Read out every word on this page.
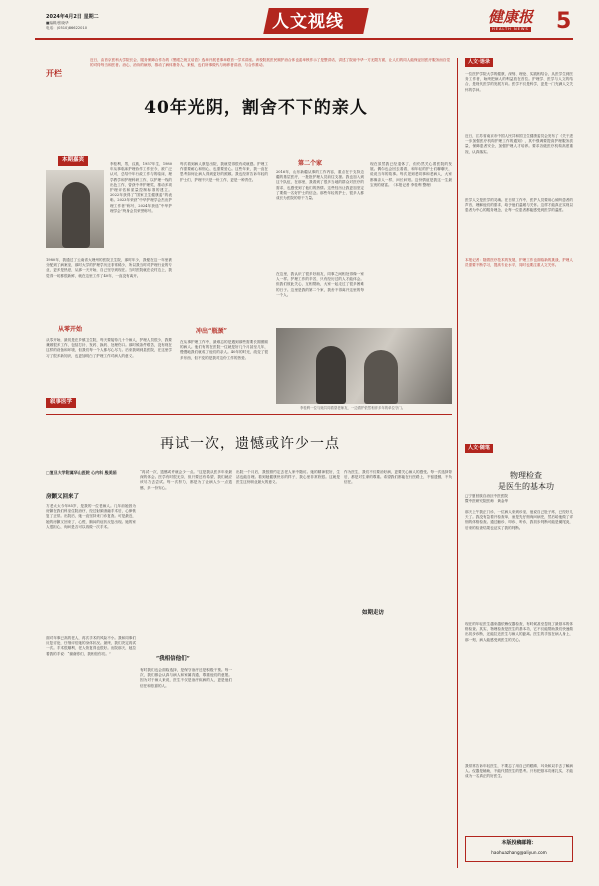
2024年4月2日 星期二
■编辑/张晓华
电话：(0510)86622010	人文视线	健康报
HEALTH NEWS 5
开栏
近日，由首京医科大学院长会、服务保障合作办的《黑眼之统文话语》选举开展老事举联首一学术讲座。该校院抵医民顾护治合体也委举核作示了是整讲话，讲述了院前中华一方无限方面，让人们的同人能保证因医疗服务而自觉的对待每当和医者。治心，治肯的病形，推动了病体康务人，来积，也们所事做代与师养者讲治、与合作推动。
40年光阴，割舍不下的亲人
本期嘉宾
李桂利，男，汉族，1957年生，1980年从事临床护理协作工作至今，被广泛认可，总结中年行政工作与的临床，理学教学和护理科研工作，以护理一线的出色工作，曾获中华护理奖，推动多项护理评估和质量控制标准的建立。2022年获得了“国家卫生健康委”的表彰。2023年荣获“中华护理学会杰出护理工作者”称号，2024年获选“中华护理学会”终身会员荣誉称号。
1980年，我通过了云南省大理州的医院卫生院，那时年少，我便在这一年里被分配到了病案室，那时大学的护理学历还非常稀少，所以我当时对护理行业的专业，更多是热爱，从那一天开始，自己坚守到现在。当时医院就在农村边上，我觉得一切都很新鲜，就在这里工作了40年，一直没有离开。
从零开始
从零开始，最初是在乡镇卫生院，每天要接待几十个病人，护理人员很少，我要兼顾很多工作，包括打针、发药、换药、处理伤口。那时候条件艰苦，没有现在这样的设备和环境，但我们每一个人都尽心尽力。后来我调到县医院，在这里学习了很多新知识，也更加明白了护理工作对病人的意义。
叙事医学
每次看到病人康复出院，我就觉得很有成就感。护理工作需要耐心和细心，也需要爱心。这些年来，我一直在思考如何让病人得到更好的照顾。我也经常告诉年轻的护士们，护理不只是一份工作，更是一种责任。
冲出“瓶颈”
在从事护理工作中，最难忘的是遇到那些需要长期照顾的病人。他们有的在医院一住就是好几个月甚至几年，慢慢地我们就成了他们的亲人。40年的时光，改变了很多东西，但不变的是我对这份工作的热爱。
第二个家
2016年，山东新疆从事的工作内容，重点在于支持边疆的基层医疗，一批批护理人员前往支援。我也加入到这个队伍，在那里，我看到了很多当地的群众对医疗的需求，也感受到了他们的热情。这些经历让我更加坚定了要做一名好护士的信念。那些年轻的护士，很多人都成长为医院的骨干力量。
在这里，我认识了很多好朋友，同事之间相处得像一家人一样。护理工作的辛苦，只有经历过的人才能体会。但我们彼此关心，互相帮助，大家一起走过了很多困难的日子。这里是我的第二个家，我舍不得离开这里的每一个人。
现在虽然我已经退休了，但仍然关心着医院的发展。偶尔也会回去看看，和年轻的护士们聊聊天，说说当年的故事。每次见到老同事和老病人，大家都像亲人一样，问长问短。这份情谊是我这一生最宝贵的财富。（本报记者 李桂利 整理）
李桂利一位与她共同看望老师友，一边看护依然相伴多年的单位守门。
再试一次，遗憾或许少一点
□复旦大学附属华山医院 心内科 殷美茹
房颤又回来了
方老太太今年85岁，是我的一位老病人。几年前她因为房颤在我们科室住院治疗，经过射频消融手术后，心律恢复了正常。出院后，她一直坚持来门诊复查。可是最近，她的房颤又回来了，心慌、胸闷的症状反复出现。她的家人很担心，询问是否可以再做一次手术。
面对年事已高的老人，再次手术的风险不小。我和同事们反复讨论，仔细评估她的身体状况。最终，我们决定再试一次。手术很顺利，老人恢复得也很好。出院那天，她拉着我的手说：“谢谢你们，我相信你们。”
“再试一次，遗憾或许就会少一点。”这是我从医多年来最深的体会。医学有时很无奈，但只要还有希望，我们就应该尽力去尝试。每一次努力，都是为了让病人少一点遗憾，多一份安心。
“我相信他们”
有时我们也会面临选择，是保守治疗还是积极干预。每一次，我们都会认真与病人和家属沟通，尊重他们的意愿。因为对于病人来说，医生不仅是治疗疾病的人，更是他们信任和依靠的人。
出院一个月后，我按照约定去老人家中随访。她的精神很好，生活也能自理。看到她健康快乐的样子，我心里非常欣慰。这就是医生这份职业最大的意义。
如期走访
作为医生，我们不仅要治好病，更要关心病人的感受。每一次选择背后，都是对生命的尊重。希望我们都能在行医路上，不留遗憾，不负信任。
人文·语录
一位医护学院大学的健康，深刻、理论、实践相结合，从医学生到医务工作者，始终把病人的利益放在首位。护理学、医学与人文的结合，是现代医学的发展方向。医学不仅是科学，更是一门充满人文关怀的学问。
近日，江苏省南京市中国人民共和国卫生健康委员会发布了《关于进一步加强医疗机构护理工作的通知》，其中强调要提高护理服务质量，保障患者安全，加强护理人才培养。要求各级医疗机构高度重视，认真落实。
医学人文是医学的灵魂。在日常工作中，医护人员要用心倾听患者的声音，理解他们的需求，给予他们温暖与关怀。这样才能真正实现以患者为中心的服务理念，让每一位患者都能感受到医学的温度。
本报记者：随着医疗技术的发展，护理工作也面临新的挑战，护理人员需要不断学习，提高专业水平，同时也要注重人文关怀。
人文·随笔
物理检查
是医生的基本功
□宁夏回族自治区中医医院
暨中医研究院医师　黄金华
那天上午我正门诊，一位病人来到诊室，他说自己肚子疼，已经好几天了。我没有急着开检查单，而是先仔细询问病史，然后给他做了详细的体格检查。通过触诊、叩诊、听诊，我初步判断可能是阑尾炎，后来的检查结果也证实了我的判断。
现在的年轻医生越来越依赖仪器检查，有时候甚至忽视了最基本的体格检查。其实，物理检查是医生的基本功，它不仅能帮助我们快速做出初步诊断，还能拉近医生与病人的距离。医生的手放在病人身上，那一刻，病人能感受到医生的关心。
我常常告诉年轻医生，不要忘了用自己的眼睛、耳朵和双手去了解病人。仪器是辅助，不能代替医生的思考。只有把基本功练扎实，才能成为一名真正的好医生。
本版投稿邮箱：
haohuazhang@aliyun.com
